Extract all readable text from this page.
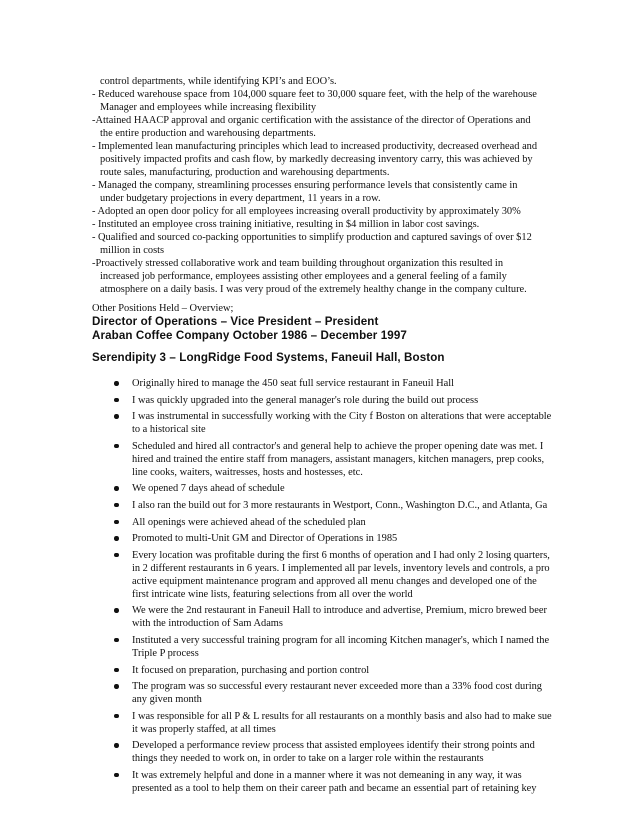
control departments, while identifying KPI’s and EOO’s.
- Reduced warehouse space from 104,000 square feet to 30,000 square feet, with the help of the warehouse
Manager and employees while increasing flexibility
-Attained HAACP approval and organic certification with the assistance of the director of Operations and
the entire production and warehousing departments.
- Implemented lean manufacturing principles which lead to increased productivity, decreased overhead and
positively impacted profits and cash flow, by markedly decreasing inventory carry, this was achieved by
route sales, manufacturing, production and warehousing departments.
- Managed the company, streamlining processes ensuring performance levels that consistently came in
under budgetary projections in every department, 11 years in a row.
- Adopted an open door policy for all employees increasing overall productivity by approximately 30%
- Instituted an employee cross training initiative, resulting in $4 million in labor cost savings.
- Qualified and sourced co-packing opportunities to simplify production and captured savings of over $12
million in costs
-Proactively stressed collaborative work and team building throughout organization this resulted in
increased job performance, employees assisting other employees and a general feeling of a family
atmosphere on a daily basis. I was very proud of the extremely healthy change in the company culture.
Other Positions Held – Overview;
Director of Operations – Vice President – President
Araban Coffee Company October 1986 – December 1997
Serendipity 3 – LongRidge Food Systems, Faneuil Hall, Boston
Originally hired to manage the 450 seat full service restaurant in Faneuil Hall
I was quickly upgraded into the general manager's role during the build out process
I was instrumental in successfully working with the City f Boston on alterations that were acceptable to a historical site
Scheduled and hired all contractor's and general help to achieve the proper opening date was met. I hired and trained the entire staff from managers, assistant managers, kitchen managers, prep cooks, line cooks, waiters, waitresses, hosts and hostesses, etc.
We opened 7 days ahead of schedule
I also ran the build out for 3 more restaurants in Westport, Conn., Washington D.C., and Atlanta, Ga
All openings were achieved ahead of the scheduled plan
Promoted to multi-Unit GM and Director of Operations in 1985
Every location was profitable during the first 6 months of operation and I had only 2 losing quarters, in 2 different restaurants in 6 years. I implemented all par levels, inventory levels and controls, a pro active equipment maintenance program and approved all menu changes and developed one of the first intricate wine lists, featuring selections from all over the world
We were the 2nd restaurant in Faneuil Hall to introduce and advertise, Premium, micro brewed beer with the introduction of Sam Adams
Instituted a very successful training program for all incoming Kitchen manager's, which I named the Triple P process
It focused on preparation, purchasing and portion control
The program was so successful every restaurant never exceeded more than a 33% food cost during any given month
I was responsible for all P & L results for all restaurants on a monthly basis and also had to make sue it was properly staffed, at all times
Developed a performance review process that assisted employees identify their strong points and things they needed to work on, in order to take on a larger role within the restaurants
It was extremely helpful and done in a manner where it was not demeaning in any way, it was presented as a tool to help them on their career path and became an essential part of retaining key
